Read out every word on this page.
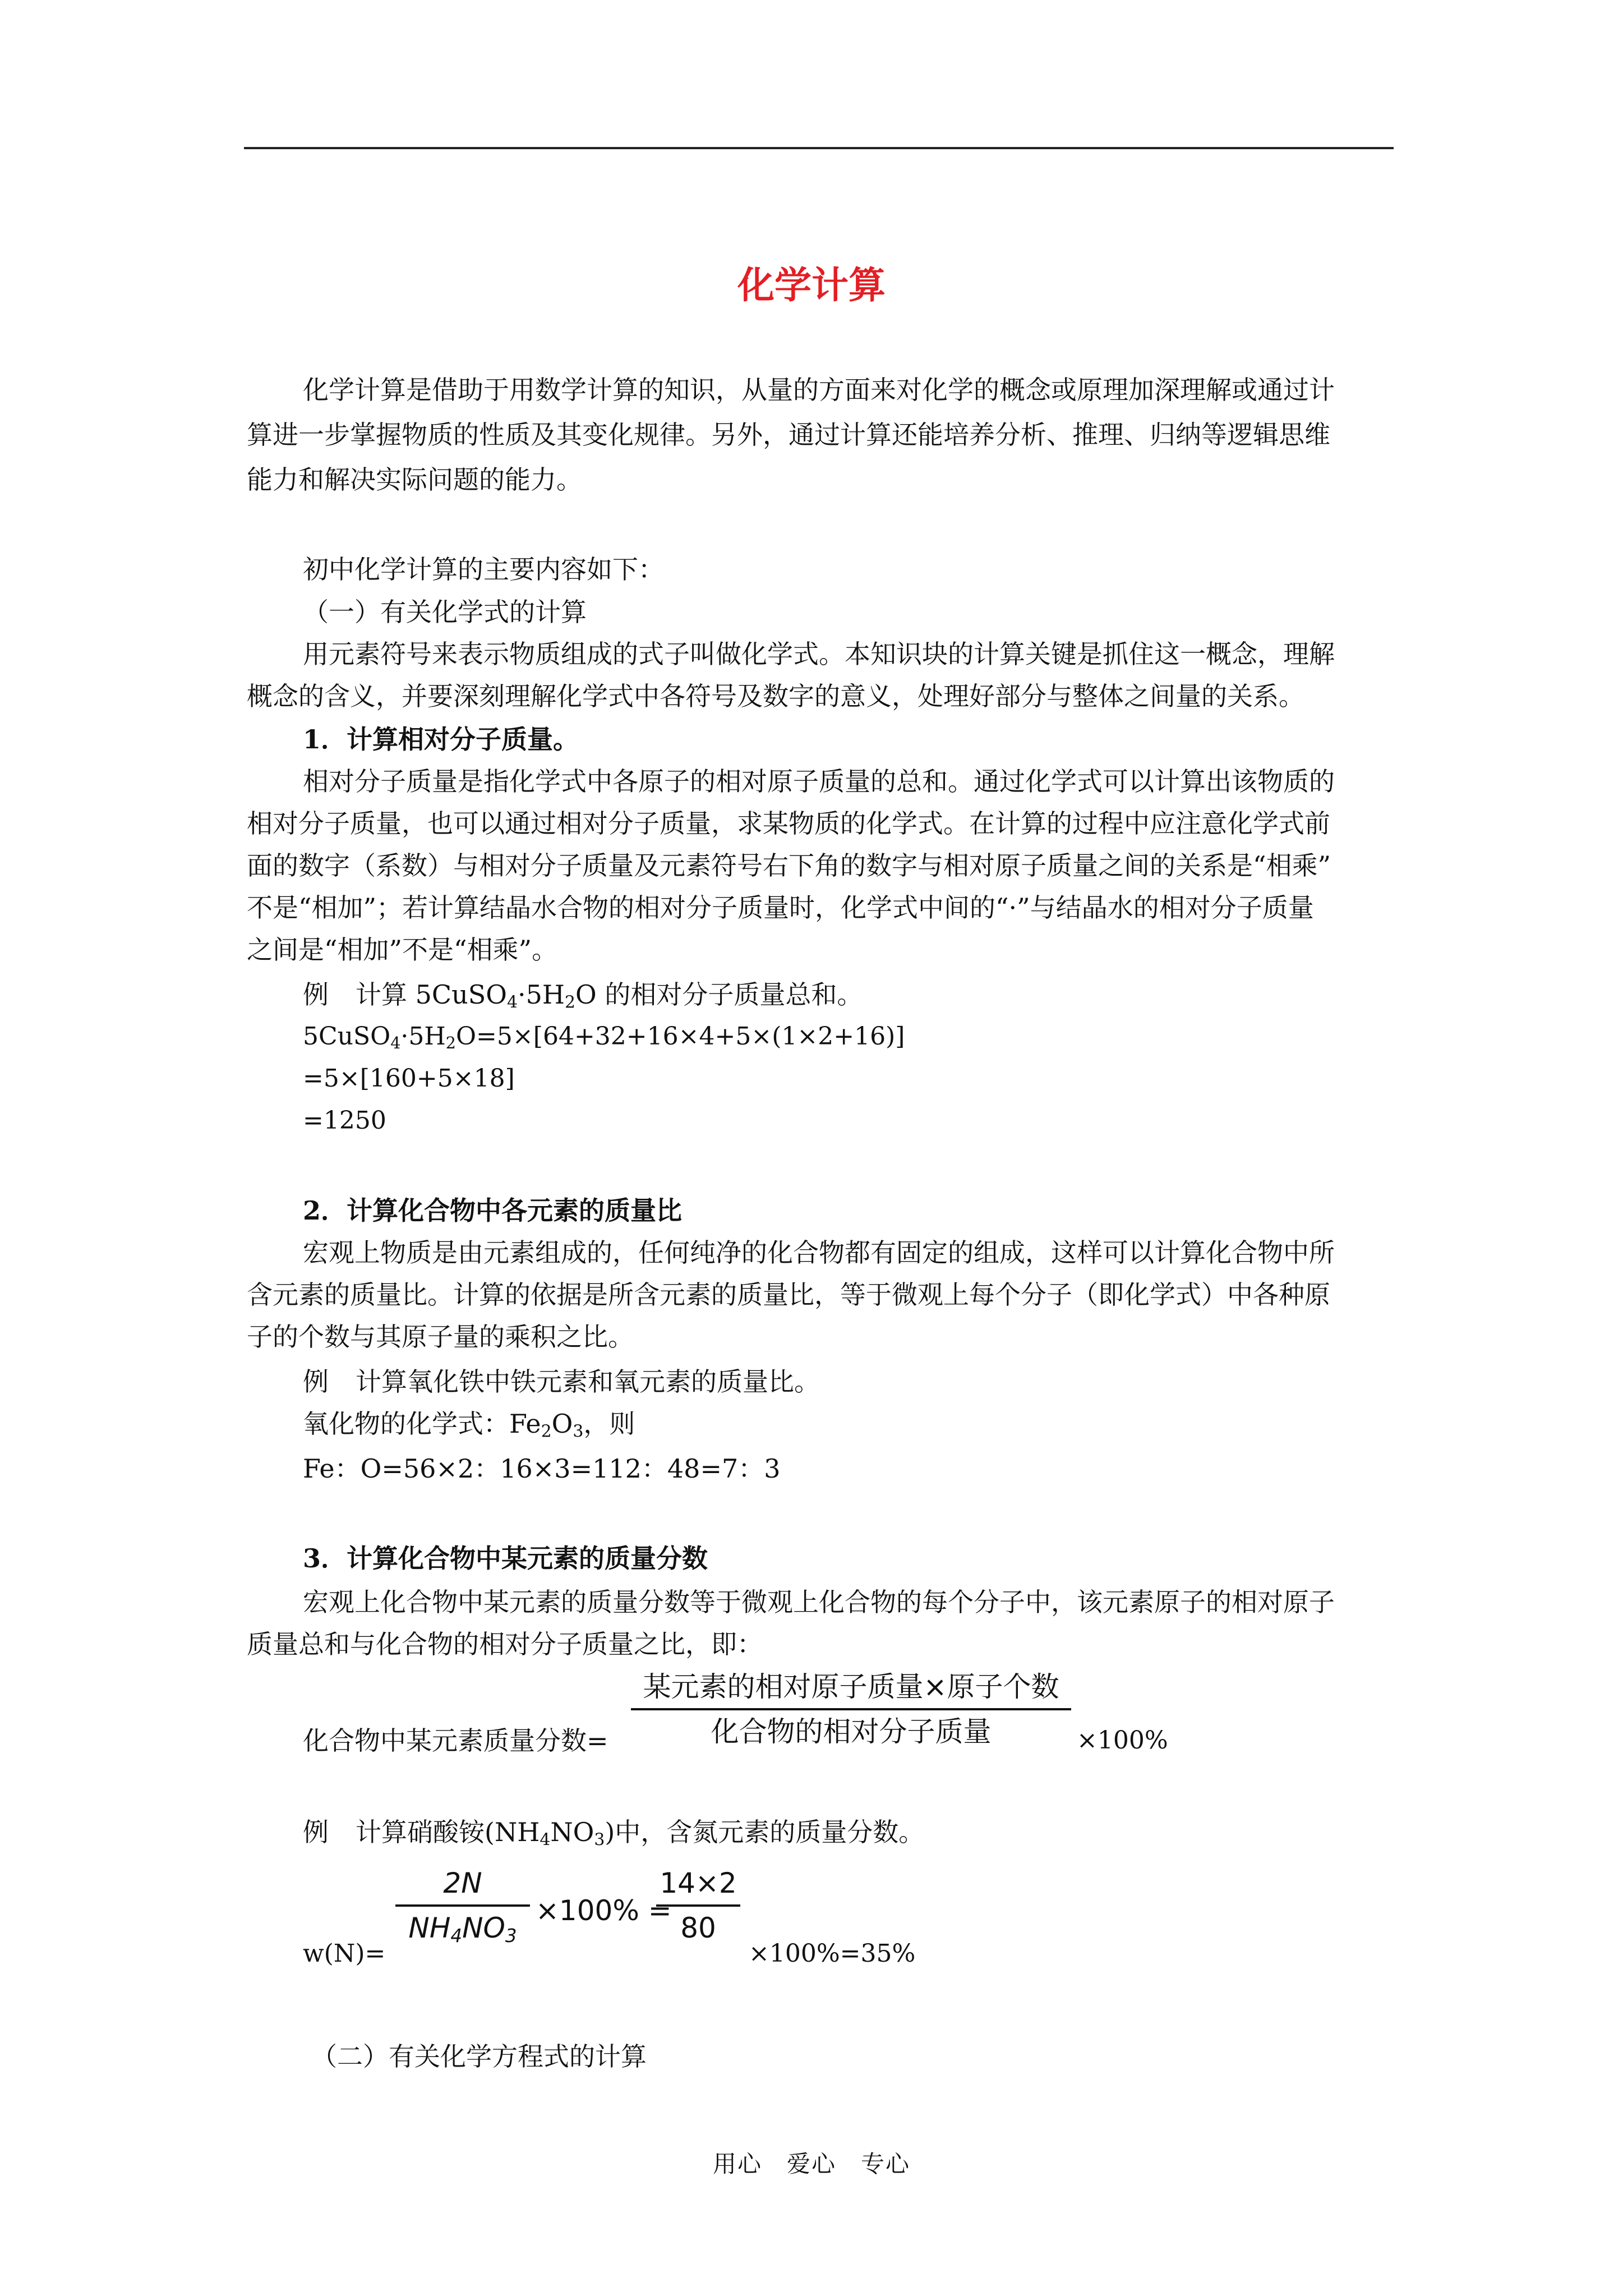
化学计算
化学计算是借助于用数学计算的知识，从量的方面来对化学的概念或原理加深理解或通过计
算进一步掌握物质的性质及其变化规律。另外，通过计算还能培养分析、推理、归纳等逻辑思维
能力和解决实际问题的能力。
初中化学计算的主要内容如下：
（一）有关化学式的计算
用元素符号来表示物质组成的式子叫做化学式。本知识块的计算关键是抓住这一概念，理解
概念的含义，并要深刻理解化学式中各符号及数字的意义，处理好部分与整体之间量的关系。
1．计算相对分子质量。
相对分子质量是指化学式中各原子的相对原子质量的总和。通过化学式可以计算出该物质的
相对分子质量，也可以通过相对分子质量，求某物质的化学式。在计算的过程中应注意化学式前
面的数字（系数）与相对分子质量及元素符号右下角的数字与相对原子质量之间的关系是“相乘”
不是“相加”；若计算结晶水合物的相对分子质量时，化学式中间的“·”与结晶水的相对分子质量
之间是“相加”不是“相乘”。
例 计算 $5CuSO_4\cdot 5H_2O$ 的相对分子质量总和。
$5CuSO_4\cdot 5H_2O=5\times[64+32+16\times 4+5\times(1\times 2+16)]$
=5×[160+5×18]
=1250
2．计算化合物中各元素的质量比
宏观上物质是由元素组成的，任何纯净的化合物都有固定的组成，这样可以计算化合物中所
含元素的质量比。计算的依据是所含元素的质量比，等于微观上每个分子（即化学式）中各种原
子的个数与其原子量的乘积之比。
例 计算氧化铁中铁元素和氧元素的质量比。
氧化物的化学式：$Fe_2O_3$，则
Fe：O=56×2：16×3=112：48=7：3
3．计算化合物中某元素的质量分数
宏观上化合物中某元素的质量分数等于微观上化合物的每个分子中，该元素原子的相对原子
质量总和与化合物的相对分子质量之比，即：
某元素的相对原子质量×原子个数
化合物的相对分子质量
化合物中某元素质量分数=	×100%
例 计算硝酸铵$(NH_4NO_3)$中，含氮元素的质量分数。
w(N)=
2N
$NH_4NO_3$
×100% =
14×2
80
×100%=35%
（二）有关化学方程式的计算
用心　爱心　专心
